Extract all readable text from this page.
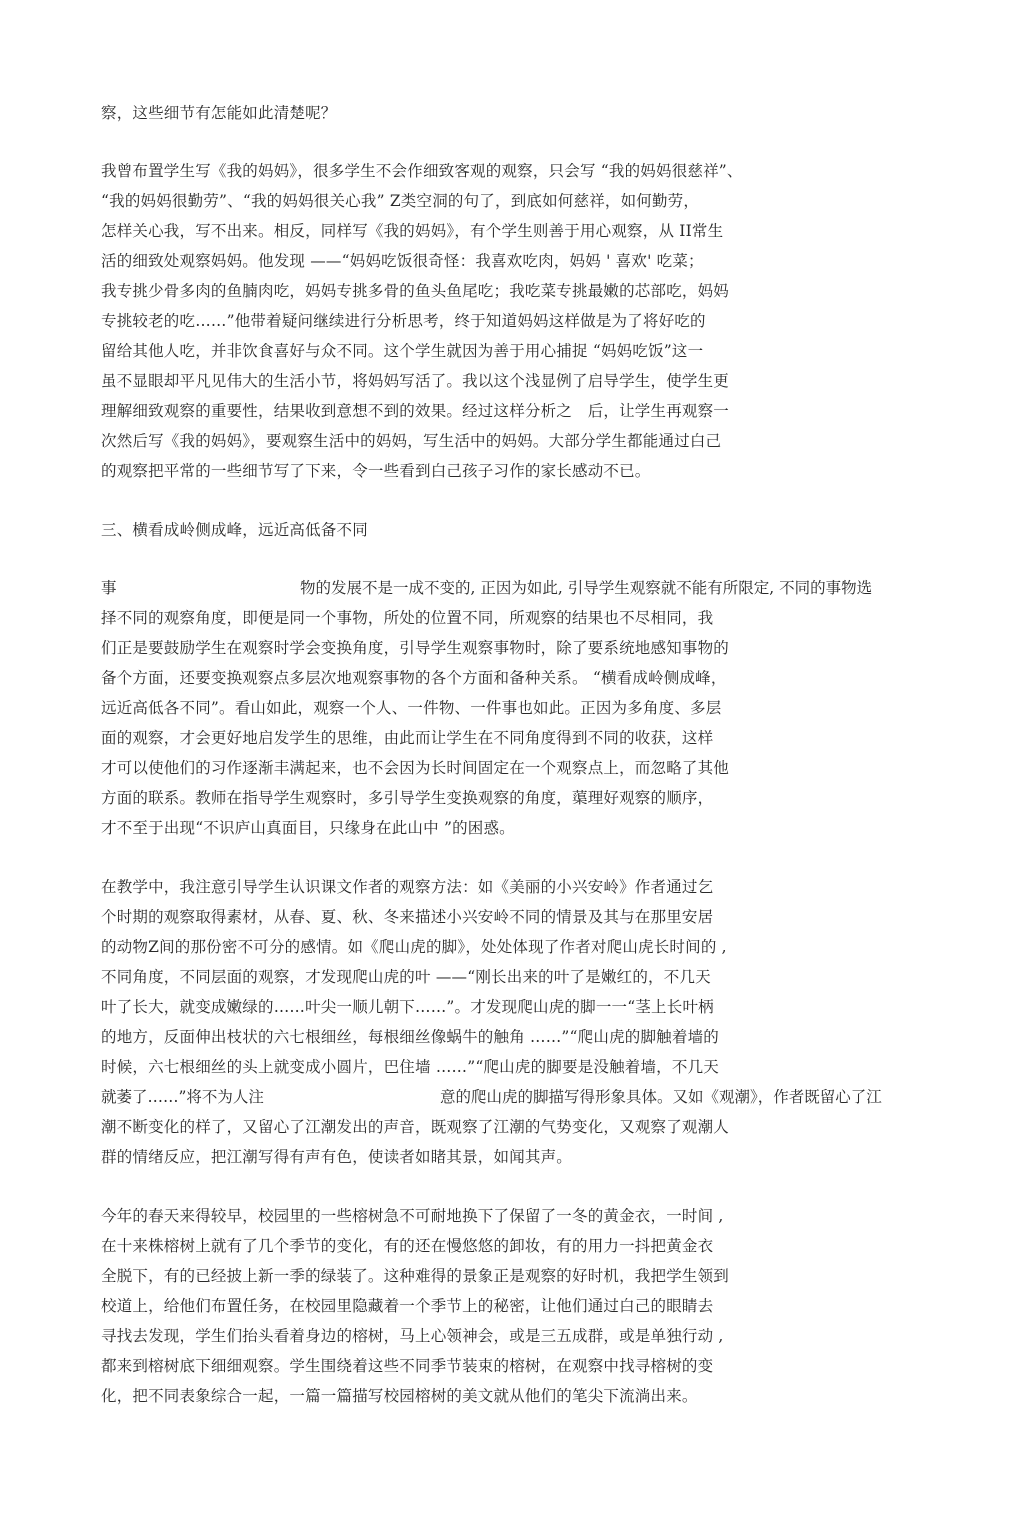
察，这些细节有怎能如此清楚呢？
我曾布置学生写《我的妈妈》，很多学生不会作细致客观的观察，只会写 “我的妈妈很慈祥”、
“我的妈妈很勤劳”、“我的妈妈很关心我” Z类空洞的句了，到底如何慈祥，如何勤劳，
怎样关心我，写不出来。相反，同样写《我的妈妈》，有个学生则善于用心观察，从 II常生
活的细致处观察妈妈。他发现 ——“妈妈吃饭很奇怪：我喜欢吃肉，妈妈 ' 喜欢' 吃菜；
我专挑少骨多肉的鱼腩肉吃，妈妈专挑多骨的鱼头鱼尾吃；我吃菜专挑最嫩的芯部吃，妈妈
专挑较老的吃……”他带着疑问继续进行分析思考，终于知道妈妈这样做是为了将好吃的
留给其他人吃，并非饮食喜好与众不同。这个学生就因为善于用心捕捉 “妈妈吃饭”这一
虽不显眼却平凡见伟大的生活小节，将妈妈写活了。我以这个浅显例了启导学生，使学生更
理解细致观察的重要性，结果收到意想不到的效果。经过这样分析之　后，让学生再观察一
次然后写《我的妈妈》，要观察生活中的妈妈，写生活中的妈妈。大部分学生都能通过白己
的观察把平常的一些细节写了下来，令一些看到白己孩子习作的家长感动不已。
三、横看成岭侧成峰，远近高低备不同
事	物的发展不是一成不变的, 正因为如此, 引导学生观察就不能有所限定, 不同的事物选
择不同的观察角度，即便是同一个事物，所处的位置不同，所观察的结果也不尽相同，我
们正是要鼓励学生在观察时学会变换角度，引导学生观察事物时，除了要系统地感知事物的
备个方面，还要变换观察点多层次地观察事物的各个方面和备种关系。 “横看成岭侧成峰，
远近高低各不同”。看山如此，观察一个人、一件物、一件事也如此。正因为多角度、多层
面的观察，才会更好地启发学生的思维，由此而让学生在不同角度得到不同的收获，这样
才可以使他们的习作逐渐丰满起来，也不会因为长时间固定在一个观察点上，而忽略了其他
方面的联系。教师在指导学生观察时，多引导学生变换观察的角度，蕖理好观察的顺序，
才不至于出现“不识庐山真面目，只缘身在此山中 ”的困惑。
在教学中，我注意引导学生认识课文作者的观察方法：如《美丽的小兴安岭》作者通过乞
个时期的观察取得素材，从春、夏、秋、冬来描述小兴安岭不同的情景及其与在那里安居
的动物Z间的那份密不可分的感情。如《爬山虎的脚》，处处体现了作者对爬山虎长时间的 ,
不同角度，不同层面的观察，才发现爬山虎的叶 ——“刚长出来的叶了是嫩红的，不几天
叶了长大，就变成嫩绿的……叶尖一顺儿朝下……”。才发现爬山虎的脚一一“茎上长叶柄
的地方，反面伸出枝状的六七根细丝，每根细丝像蜗牛的触角 ……”“爬山虎的脚触着墙的
时候，六七根细丝的头上就变成小圆片，巴住墙 ……”“爬山虎的脚要是没触着墙，不几天
就萎了……”将不为人注	意的爬山虎的脚描写得形象具体。又如《观潮》，作者既留心了江
潮不断变化的样了，又留心了江潮发出的声音，既观察了江潮的气势变化，又观察了观潮人
群的情绪反应，把江潮写得有声有色，使读者如睹其景，如闻其声。
今年的春天来得较早，校园里的一些榕树急不可耐地换下了保留了一冬的黄金衣，一时间 ,
在十来株榕树上就有了几个季节的变化，有的还在慢悠悠的卸妆，有的用力一抖把黄金衣
全脱下，有的已经披上新一季的绿装了。这种难得的景象正是观察的好时机，我把学生领到
校道上，给他们布置任务，在校园里隐藏着一个季节上的秘密，让他们通过白己的眼睛去
寻找去发现，学生们抬头看着身边的榕树，马上心领神会，或是三五成群，或是单独行动 ,
都来到榕树底下细细观察。学生围绕着这些不同季节装束的榕树，在观察中找寻榕树的变
化，把不同表象综合一起，一篇一篇描写校园榕树的美文就从他们的笔尖下流淌出来。
